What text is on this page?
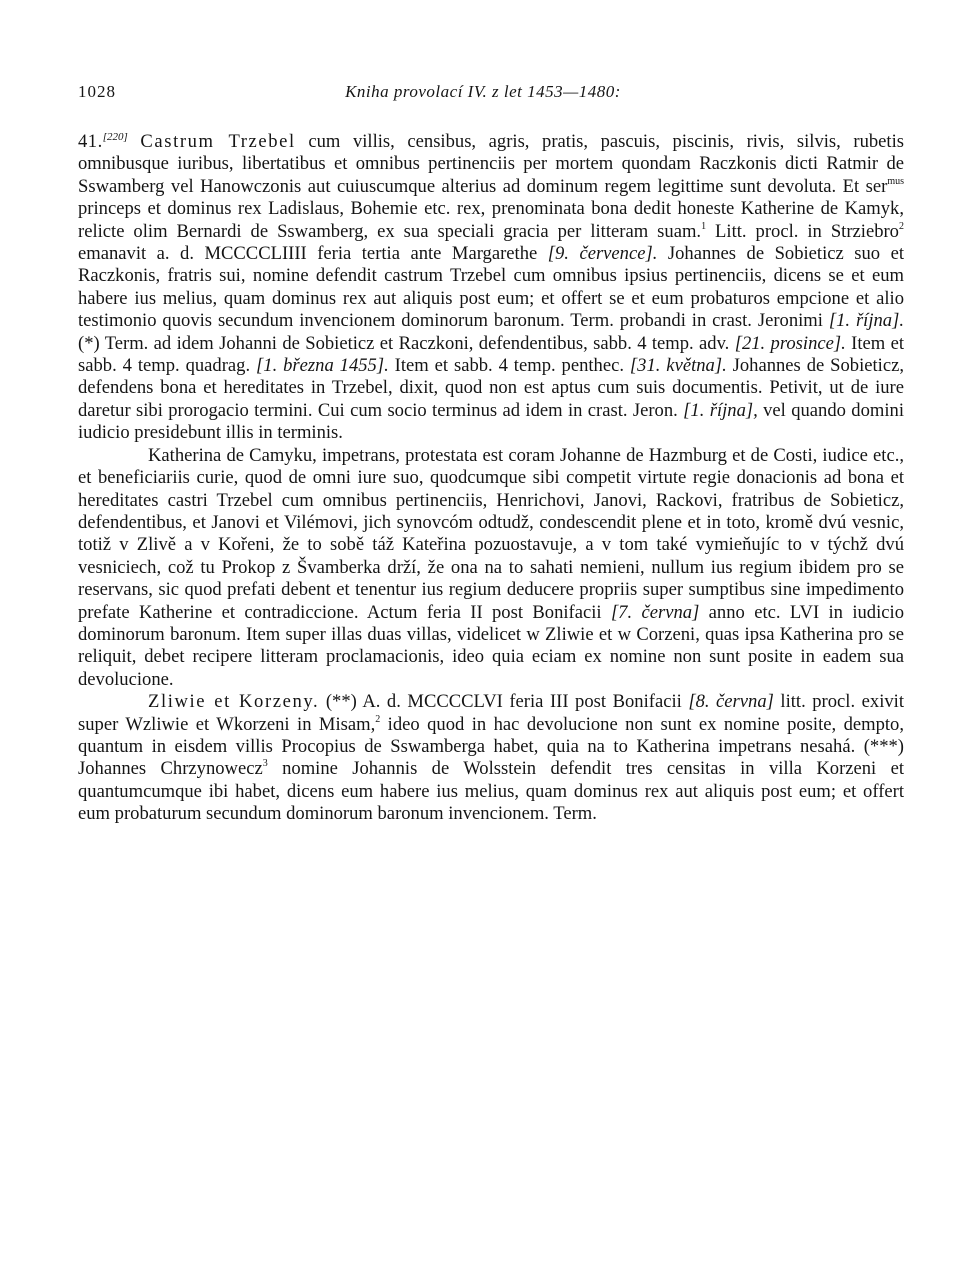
1028	Kniha provolací IV. z let 1453—1480:

41.[220] Castrum Trzebel cum villis, censibus, agris, pratis, pascuis, piscinis, rivis, silvis, rubetis omnibusque iuribus, libertatibus et omnibus pertinenciis per mortem quondam Raczkonis dicti Ratmir de Sswamberg vel Hanowczonis aut cuiuscumque alterius ad dominum regem legittime sunt devoluta. Et ser$^{mus}$ princeps et dominus rex Ladislaus, Bohemie etc. rex, prenominata bona dedit honeste Katherine de Kamyk, relicte olim Bernardi de Sswamberg, ex sua speciali gracia per litteram suam.$^1$ Litt. procl. in Strziebro$^2$ emanavit a. d. MCCCCLIIII feria tertia ante Margarethe [9. července]. Johannes de Sobieticz suo et Raczkonis, fratris sui, nomine defendit castrum Trzebel cum omnibus ipsius pertinenciis, dicens se et eum habere ius melius, quam dominus rex aut aliquis post eum; et offert se et eum probaturos empcione et alio testimonio quovis secundum invencionem dominorum baronum. Term. probandi in crast. Jeronimi [1. října].(*) Term. ad idem Johanni de Sobieticz et Raczkoni, defendentibus, sabb. 4 temp. adv. [21. prosince]. Item et sabb. 4 temp. quadrag. [1. března 1455]. Item et sabb. 4 temp. penthec. [31. května]. Johannes de Sobieticz, defendens bona et hereditates in Trzebel, dixit, quod non est aptus cum suis documentis. Petivit, ut de iure daretur sibi prorogacio termini. Cui cum socio terminus ad idem in crast. Jeron. [1. října], vel quando domini iudicio presidebunt illis in terminis.

Katherina de Camyku, impetrans, protestata est coram Johanne de Hazmburg et de Costi, iudice etc., et beneficiariis curie, quod de omni iure suo, quodcumque sibi competit virtute regie donacionis ad bona et hereditates castri Trzebel cum omnibus pertinenciis, Henrichovi, Janovi, Rackovi, fratribus de Sobieticz, defendentibus, et Janovi et Vilémovi, jich synovcóm odtudž, condescendit plene et in toto, kromě dvú vesnic, totiž v Zlivě a v Kořeni, že to sobě táž Kateřina pozuostavuje, a v tom také vymieňujíc to v týchž dvú vesniciech, což tu Prokop z Švamberka drží, že ona na to sahati nemieni, nullum ius regium ibidem pro se reservans, sic quod prefati debent et tenentur ius regium deducere propriis super sumptibus sine impedimento prefate Katherine et contradiccione. Actum feria II post Bonifacii [7. června] anno etc. LVI in iudicio dominorum baronum. Item super illas duas villas, videlicet w Zliwie et w Corzeni, quas ipsa Katherina pro se reliquit, debet recipere litteram proclamacionis, ideo quia eciam ex nomine non sunt posite in eadem sua devolucione.

Zliwie et Korzeny. (**) A. d. MCCCCLVI feria III post Bonifacii [8. června] litt. procl. exivit super Wzliwie et Wkorzeni in Misam,$^2$ ideo quod in hac devolucione non sunt ex nomine posite, dempto, quantum in eisdem villis Procopius de Sswamberga habet, quia na to Katherina impetrans nesahá. (***) Johannes Chrzynowecz$^3$ nomine Johannis de Wolsstein defendit tres censitas in villa Korzeni et quantumcumque ibi habet, dicens eum habere ius melius, quam dominus rex aut aliquis post eum; et offert eum probaturum secundum dominorum baronum invencionem. Term.
